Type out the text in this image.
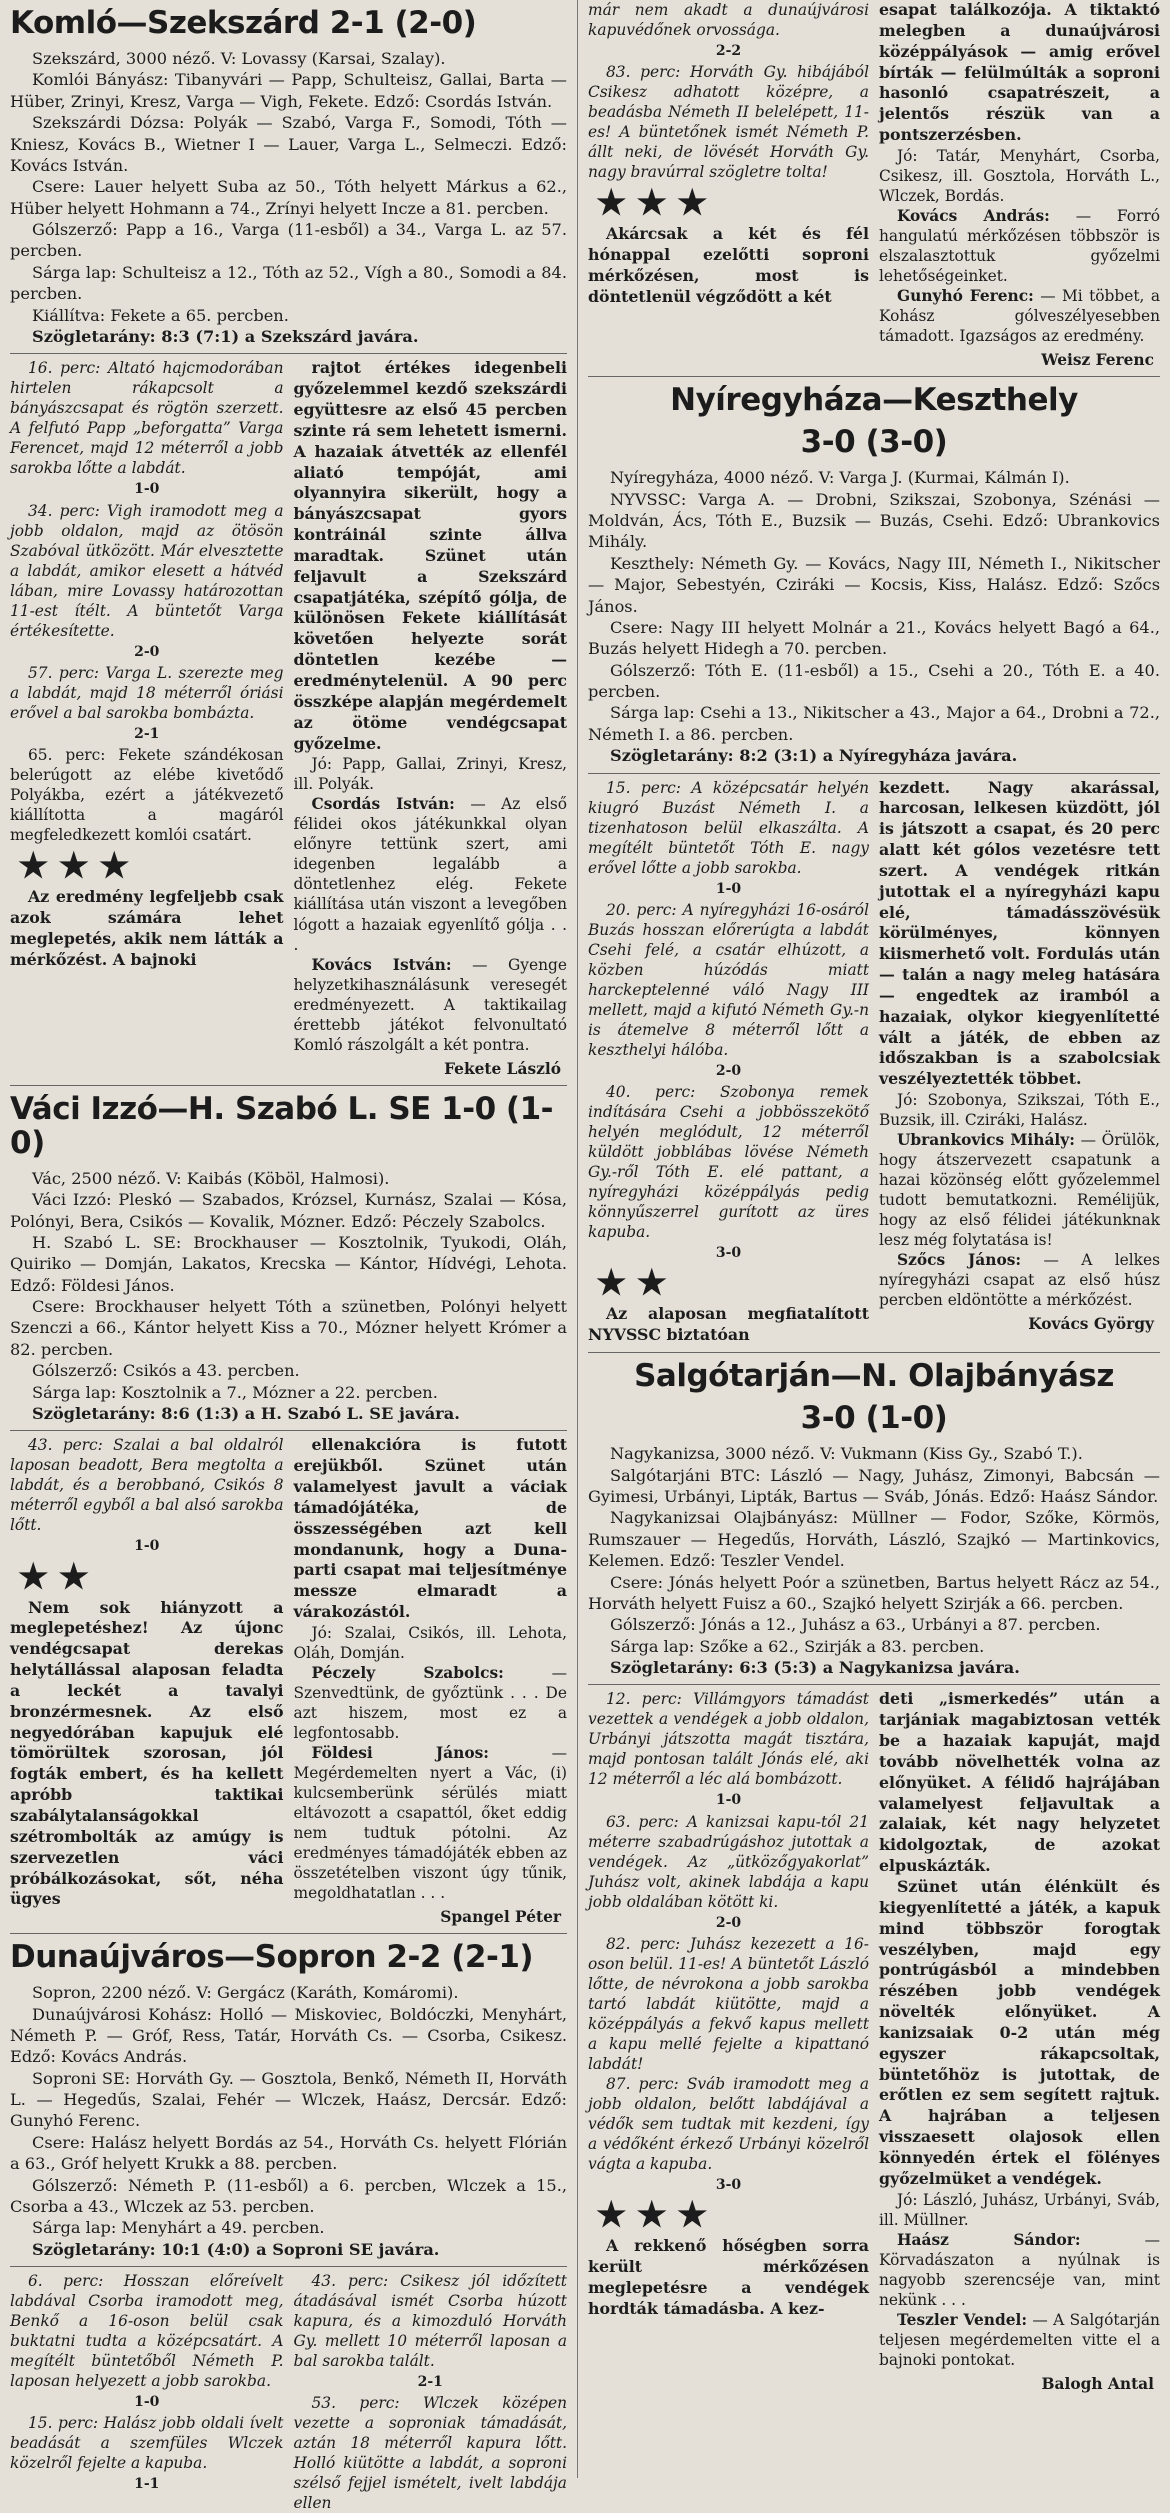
Komló—Szekszárd 2-1 (2-0)

Szekszárd, 3000 néző. V: Lovassy (Karsai, Szalay).

Komlói Bányász: Tibanyvári — Papp, Schulteisz, Gallai, Barta — Hüber, Zrinyi, Kresz, Varga — Vigh, Fekete. Edző: Csordás István.

Szekszárdi Dózsa: Polyák — Szabó, Varga F., Somodi, Tóth — Kniesz, Kovács B., Wietner I — Lauer, Varga L., Selmeczi. Edző: Kovács István.

Csere: Lauer helyett Suba az 50., Tóth helyett Márkus a 62., Hüber helyett Hohmann a 74., Zrínyi helyett Incze a 81. percben.

Gólszerző: Papp a 16., Varga (11-esből) a 34., Varga L. az 57. percben.

Sárga lap: Schulteisz a 12., Tóth az 52., Vígh a 80., Somodi a 84. percben.

Kiállítva: Fekete a 65. percben.

Szögletarány: 8:3 (7:1) a Szekszárd javára.

16. perc: Altató hajcmodorában hirtelen rákapcsolt a bányászcsapat és rögtön szerzett. A felfutó Papp „beforgatta” Varga Ferencet, majd 12 méterről a jobb sarokba lőtte a labdát.

1-0

34. perc: Vigh iramodott meg a jobb oldalon, majd az ötösön Szabóval ütközött. Már elvesztette a labdát, amikor elesett a hátvéd lában, mire Lovassy határozottan 11-est ítélt. A büntetőt Varga értékesítette.

2-0

57. perc: Varga L. szerezte meg a labdát, majd 18 méterről óriási erővel a bal sarokba bombázta.

2-1

65. perc: Fekete szándékosan belerúgott az elébe kivetődő Polyákba, ezért a játékvezető kiállította a magáról megfeledkezett komlói csatárt.

★★★

Az eredmény legfeljebb csak azok számára lehet meglepetés, akik nem látták a mérkőzést. A bajnoki

rajtot értékes idegenbeli győzelemmel kezdő szekszárdi együttesre az első 45 percben szinte rá sem lehetett ismerni. A hazaiak átvették az ellenfél aliató tempóját, ami olyannyira sikerült, hogy a bányászcsapat gyors kontráinál szinte állva maradtak. Szünet után feljavult a Szekszárd csapatjátéka, szépítő gólja, de különösen Fekete kiállítását követően helyezte sorát döntetlen kezébe — eredménytelenül. A 90 perc összképe alapján megérdemelt az ötöme vendégcsapat győzelme.

Jó: Papp, Gallai, Zrinyi, Kresz, ill. Polyák.

Csordás István: — Az első félidei okos játékunkkal olyan előnyre tettünk szert, ami idegenben legalább a döntetlenhez elég. Fekete kiállítása után viszont a levegőben lógott a hazaiak egyenlítő gólja . . .

Kovács István: — Gyenge helyzetkihasználásunk veresegét eredményezett. A taktikailag érettebb játékot felvonultató Komló rászolgált a két pontra.

Fekete László
Váci Izzó—H. Szabó L. SE 1-0 (1-0)

Vác, 2500 néző. V: Kaibás (Köböl, Halmosi).

Váci Izzó: Pleskó — Szabados, Krózsel, Kurnász, Szalai — Kósa, Polónyi, Bera, Csikós — Kovalik, Mózner. Edző: Péczely Szabolcs.

H. Szabó L. SE: Brockhauser — Kosztolnik, Tyukodi, Oláh, Quiriko — Domján, Lakatos, Krecska — Kántor, Hídvégi, Lehota. Edző: Földesi János.

Csere: Brockhauser helyett Tóth a szünetben, Polónyi helyett Szenczi a 66., Kántor helyett Kiss a 70., Mózner helyett Krómer a 82. percben.

Gólszerző: Csikós a 43. percben.

Sárga lap: Kosztolnik a 7., Mózner a 22. percben.

Szögletarány: 8:6 (1:3) a H. Szabó L. SE javára.

43. perc: Szalai a bal oldalról laposan beadott, Bera megtolta a labdát, és a berobbanó, Csikós 8 méterről egyből a bal alsó sarokba lőtt.

1-0
★★

Nem sok hiányzott a meglepetéshez! Az újonc vendégcsapat derekas helytállással alaposan feladta a leckét a tavalyi bronzérmesnek. Az első negyedórában kapujuk elé tömörültek szorosan, jól fogták embert, és ha kellett apróbb taktikai szabálytalanságokkal szétrombolták az amúgy is szervezetlen váci próbálkozásokat, sőt, néha ügyes

ellenakcióra is futott erejükből. Szünet után valamelyest javult a váciak támadójátéka, de összességében azt kell mondanunk, hogy a Duna-parti csapat mai teljesítménye messze elmaradt a várakozástól.

Jó: Szalai, Csikós, ill. Lehota, Oláh, Domján.

Péczely Szabolcs:	— Szenvedtünk, de győztünk . . . De azt hiszem, most ez a legfontosabb.

Földesi János:	— Megérdemelten nyert a Vác, (i) kulcsemberünk sérülés miatt eltávozott a csapattól, őket eddig nem tudtuk pótolni. Az eredményes támadójáték ebben az összetételben viszont úgy tűnik, megoldhatatlan . . .

Spangel Péter
Dunaújváros—Sopron 2-2 (2-1)

Sopron, 2200 néző. V: Gergácz (Karáth, Komáromi).

Dunaújvárosi Kohász: Holló — Miskoviec, Boldóczki, Menyhárt, Németh P. — Gróf, Ress, Tatár, Horváth Cs. — Csorba, Csikesz. Edző: Kovács András.

Soproni SE: Horváth Gy. — Gosztola, Benkő, Németh II, Horváth L. — Hegedűs, Szalai, Fehér — Wlczek, Haász, Dercsár. Edző: Gunyhó Ferenc.

Csere: Halász helyett Bordás az 54., Horváth Cs. helyett Flórián a 63., Gróf helyett Krukk a 88. percben.

Gólszerző: Németh P. (11-esből) a 6. percben, Wlczek a 15., Csorba a 43., Wlczek az 53. percben.

Sárga lap: Menyhárt a 49. percben.

Szögletarány: 10:1 (4:0) a Soproni SE javára.

6. perc: Hosszan előreívelt labdával Csorba iramodott meg, Benkő a 16-oson belül csak buktatni tudta a középcsatárt. A megítélt büntetőből Németh P. laposan helyezett a jobb sarokba.

1-0

15. perc: Halász jobb oldali ívelt beadását a szemfüles Wlczek közelről fejelte a kapuba.

1-1

43. perc: Csikesz jól időzített átadásával ismét Csorba húzott kapura, és a kimozduló Horváth Gy. mellett 10 méterről laposan a bal sarokba talált.

2-1

53. perc: Wlczek középen vezette a soproniak támadását, aztán 18 méterről kapura lőtt. Holló kiütötte a labdát, a soproni szélső fejjel ismételt, ivelt labdája ellen

már nem akadt a dunaújvárosi kapuvédőnek orvossága.

2-2

83. perc: Horváth Gy. hibájából Csikesz adhatott középre, a beadásba Németh II belelépett, 11-es! A büntetőnek ismét Németh P. állt neki, de lövését Horváth Gy. nagy bravúrral szögletre tolta!

★★★

Akárcsak a két és fél hónappal ezelőtti soproni mérkőzésen, most is döntetlenül végződött a két

esapat találkozója. A tiktaktó melegben a dunaújvárosi középpályások — amig erővel bírták — felülmúlták a soproni hasonló csapatrészeit, a jelentős részük van a pontszerzésben.

Jó: Tatár, Menyhárt, Csorba, Csikesz, ill. Gosztola, Horváth L., Wlczek, Bordás.

Kovács András: — Forró hangulatú mérkőzésen többször is elszalasztottuk győzelmi lehetőségeinket.

Gunyhó Ferenc: — Mi többet, a Kohász gólveszélyesebben támadott. Igazságos az eredmény.

Weisz Ferenc
Nyíregyháza—Keszthely
3-0 (3-0)

Nyíregyháza, 4000 néző. V: Varga J. (Kurmai, Kálmán I).

NYVSSC: Varga A. — Drobni, Szikszai, Szobonya, Szénási — Moldván, Ács, Tóth E., Buzsik — Buzás, Csehi. Edző: Ubrankovics Mihály.

Keszthely: Németh Gy. — Kovács, Nagy III, Németh I., Nikitscher — Major, Sebestyén, Cziráki — Kocsis, Kiss, Halász. Edző: Szőcs János.

Csere: Nagy III helyett Molnár a 21., Kovács helyett Bagó a 64., Buzás helyett Hidegh a 70. percben.

Gólszerző: Tóth E. (11-esből) a 15., Csehi a 20., Tóth E. a 40. percben.

Sárga lap: Csehi a 13., Nikitscher a 43., Major a 64., Drobni a 72., Németh I. a 86. percben.

Szögletarány: 8:2 (3:1) a Nyíregyháza javára.

15. perc: A középcsatár helyén kiugró Buzást Németh I. a tizenhatoson belül elkaszálta. A megítélt büntetőt Tóth E. nagy erővel lőtte a jobb sarokba.

1-0

20. perc: A nyíregyházi 16-osáról Buzás hosszan előrerúgta a labdát Csehi felé, a csatár elhúzott, a közben húzódás miatt harckeptelenné váló Nagy III mellett, majd a kifutó Németh Gy.-n is átemelve 8 méterről lőtt a keszthelyi hálóba.

2-0

40. perc: Szobonya remek indítására Csehi a jobbösszekötő helyén meglódult, 12 méterről küldött jobblábas lövése Németh Gy.-ről Tóth E. elé pattant, a nyíregyházi középpályás pedig könnyűszerrel gurított az üres kapuba.

3-0
★★

Az alaposan megfiatalított NYVSSC biztatóan

kezdett. Nagy akarással, harcosan, lelkesen küzdött, jól is játszott a csapat, és 20 perc alatt két gólos vezetésre tett szert. A vendégek ritkán jutottak el a nyíregyházi kapu elé, támadásszövésük körülményes, könnyen kiismerhető volt. Fordulás után — talán a nagy meleg hatására — engedtek az iramból a hazaiak, olykor kiegyenlítetté vált a játék, de ebben az időszakban is a szabolcsiak veszélyeztették többet.

Jó: Szobonya, Szikszai, Tóth E., Buzsik, ill. Cziráki, Halász.

Ubrankovics Mihály: — Örülök, hogy átszervezett csapatunk a hazai közönség előtt győzelemmel tudott bemutatkozni. Remélijük, hogy az első félidei játékunknak lesz még folytatása is!

Szőcs János: — A lelkes nyíregyházi csapat az első húsz percben eldöntötte a mérkőzést.

Kovács György
Salgótarján—N. Olajbányász
3-0 (1-0)

Nagykanizsa, 3000 néző. V: Vukmann (Kiss Gy., Szabó T.).

Salgótarjáni BTC: László — Nagy, Juhász, Zimonyi, Babcsán — Gyimesi, Urbányi, Lipták, Bartus — Sváb, Jónás. Edző: Haász Sándor.

Nagykanizsai Olajbányász: Müllner — Fodor, Szőke, Körmös, Rumszauer — Hegedűs, Horváth, László, Szajkó — Martinkovics, Kelemen. Edző: Teszler Vendel.

Csere: Jónás helyett Poór a szünetben, Bartus helyett Rácz az 54., Horváth helyett Fuisz a 60., Szajkó helyett Szirják a 66. percben.

Gólszerző: Jónás a 12., Juhász a 63., Urbányi a 87. percben.

Sárga lap: Szőke a 62., Szirják a 83. percben.

Szögletarány: 6:3 (5:3) a Nagykanizsa javára.

12. perc: Villámgyors támadást vezettek a vendégek a jobb oldalon, Urbányi játszotta magát tisztára, majd pontosan talált Jónás elé, aki 12 méterről a léc alá bombázott.

1-0

63. perc: A kanizsai kapu-tól 21 méterre szabadrúgáshoz jutottak a vendégek. Az „ütközőgyakorlat” Juhász volt, akinek labdája a kapu jobb oldalában kötött ki.

2-0

82. perc: Juhász kezezett a 16-oson belül. 11-es! A büntetőt László lőtte, de névrokona a jobb sarokba tartó labdát kiütötte, majd a középpályás a fekvő kapus mellett a kapu mellé fejelte a kipattanó labdát!

87. perc: Sváb iramodott meg a jobb oldalon, belőtt labdájával a védők sem tudtak mit kezdeni, így a védőként érkező Urbányi közelről vágta a kapuba.

3-0
★★★

A rekkenő hőségben sorra került mérkőzésen meglepetésre a vendégek hordták támadásba. A kez-

deti „ismerkedés” után a tarjániak magabiztosan vették be a hazaiak kapuját, majd tovább növelhették volna az előnyüket. A félidő hajrájában valamelyest feljavultak a zalaiak, két nagy helyzetet kidolgoztak, de azokat elpuskázták.

Szünet után élénkült és kiegyenlítetté a játék, a kapuk mind többször forogtak veszélyben, majd egy pontrúgásból a mindebben részében jobb vendégek növelték előnyüket. A kanizsaiak 0-2 után még egyszer rákapcsoltak, büntetőhöz is jutottak, de erőtlen ez sem segített rajtuk. A hajrában a teljesen visszaesett olajosok ellen könnyedén értek el fölényes győzelmüket a vendégek.

Jó: László, Juhász, Urbányi, Sváb, ill. Müllner.

Haász Sándor:	— Körvadászaton a nyúlnak is nagyobb szerencséje van, mint nekünk . . .

Teszler Vendel: — A Salgótarján teljesen megérdemelten vitte el a bajnoki pontokat.

Balogh Antal
